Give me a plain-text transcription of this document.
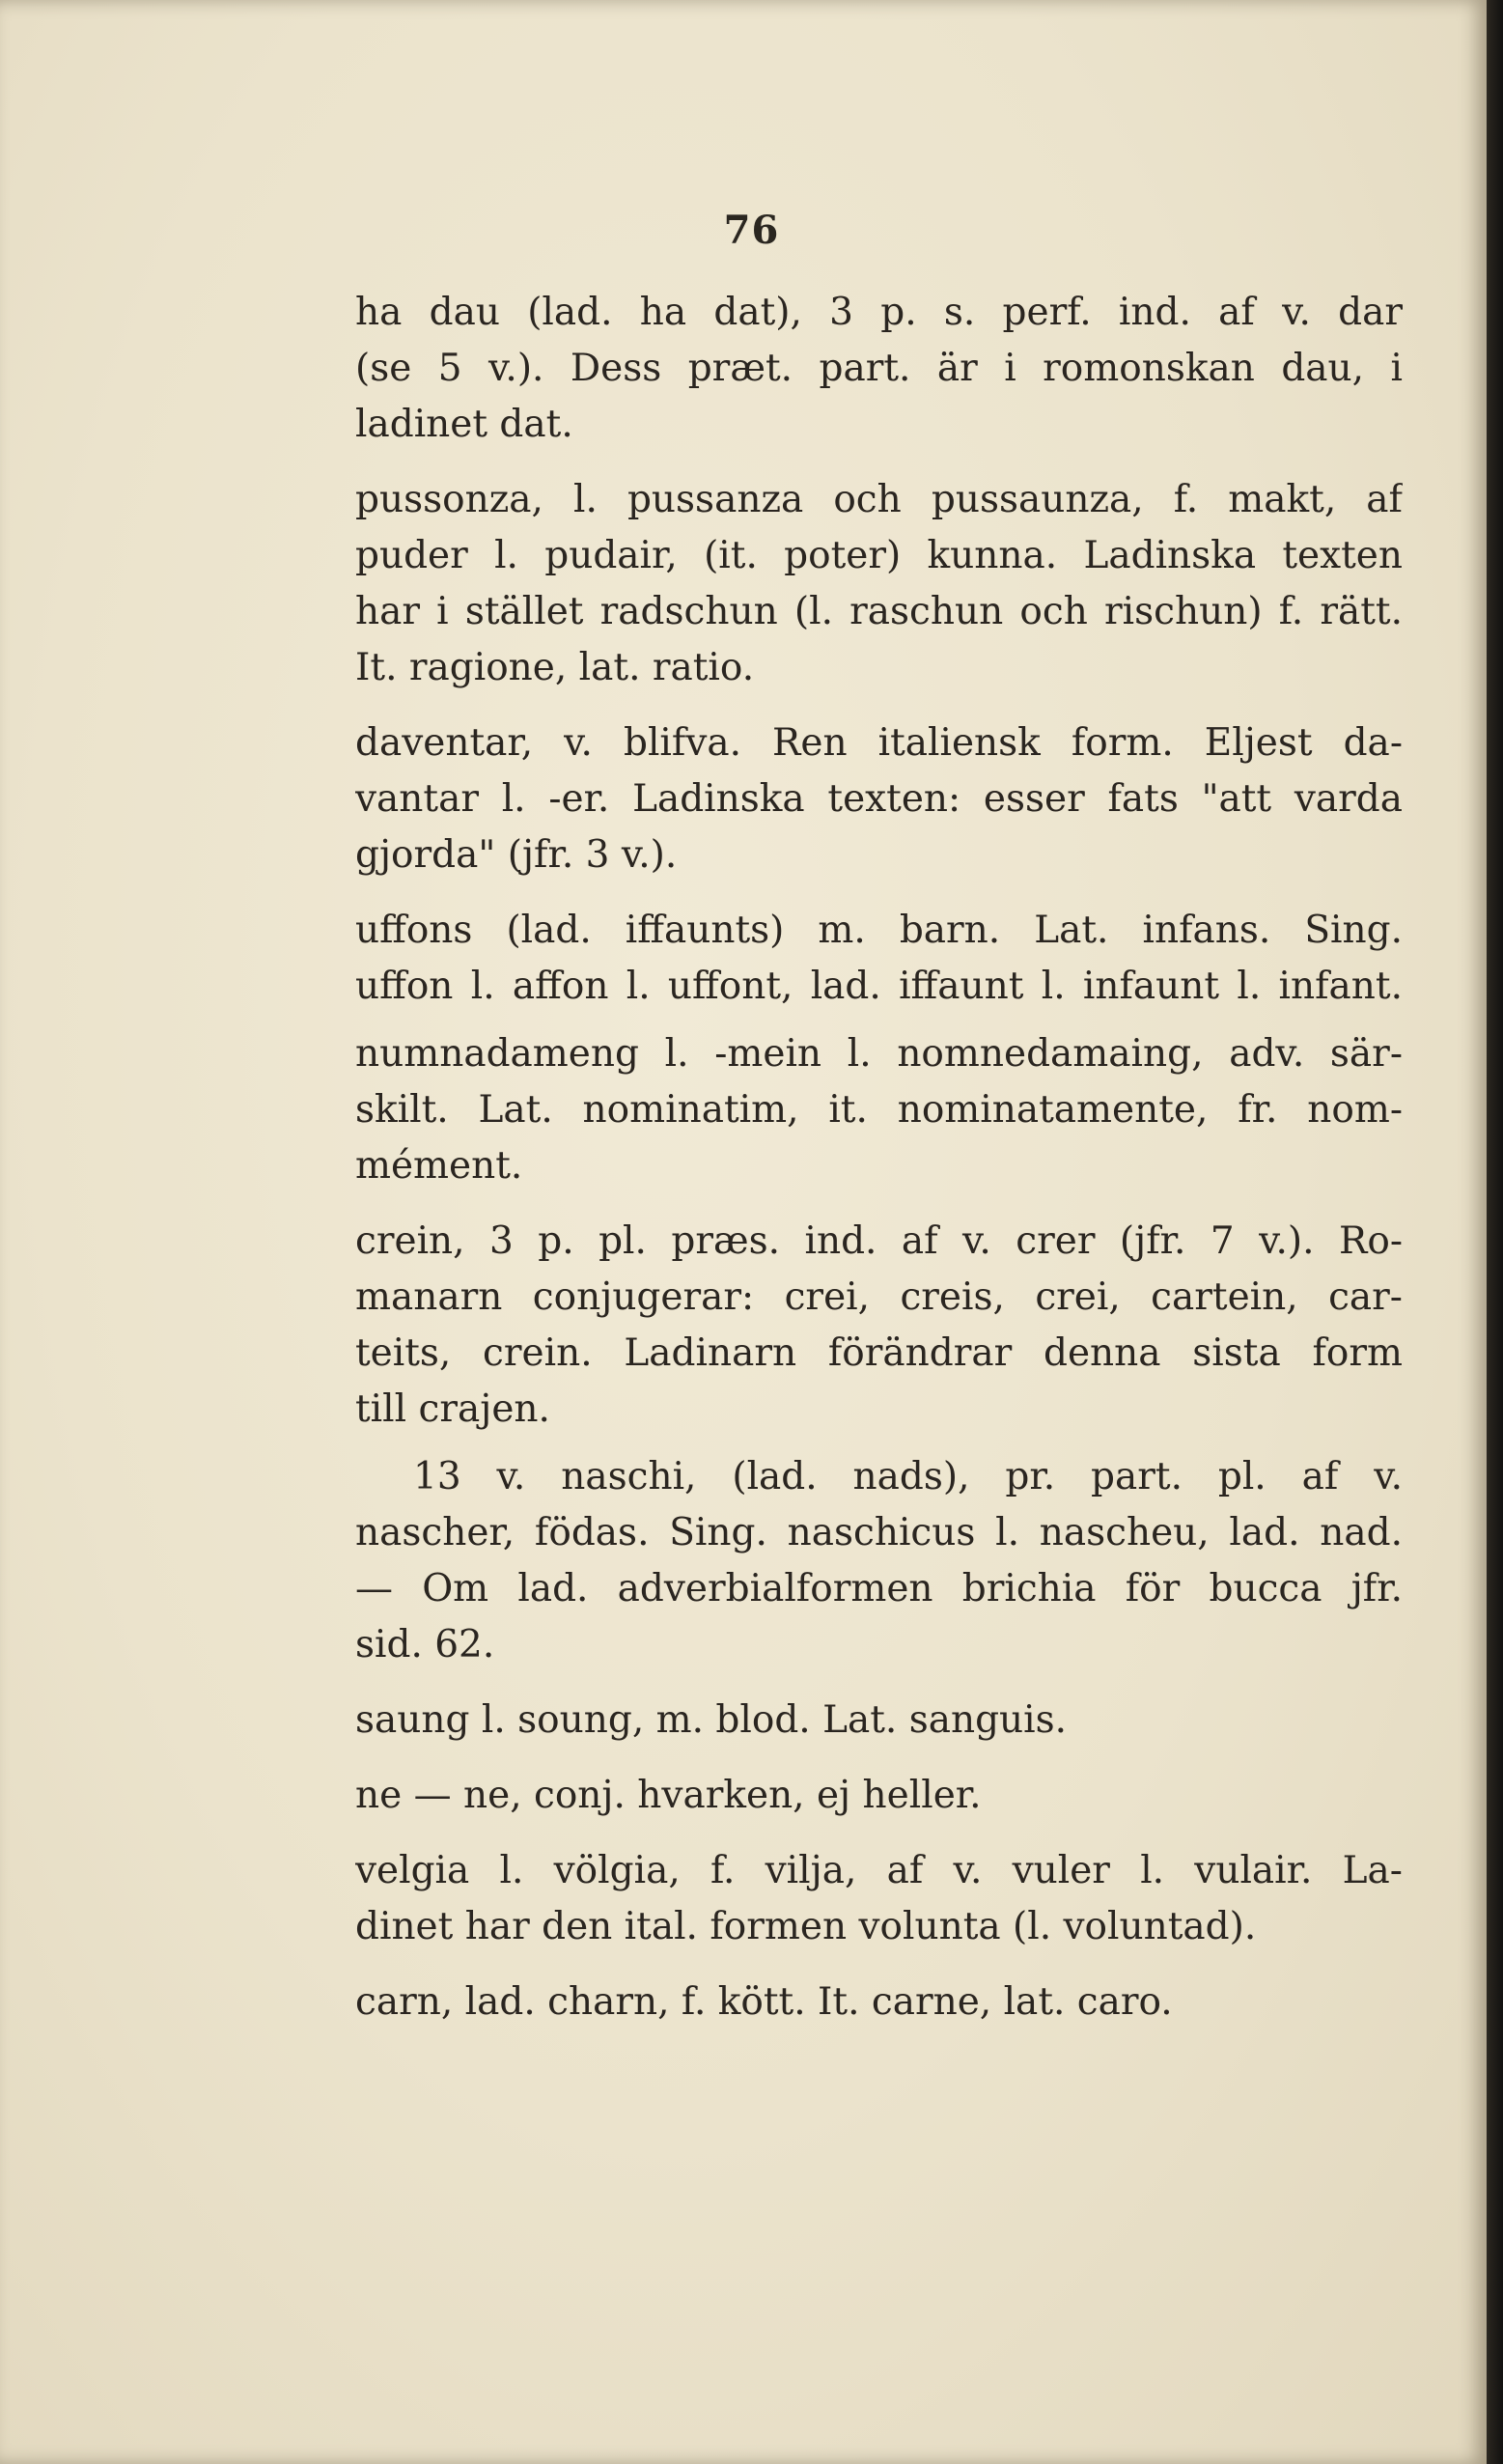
76
ha dau (lad. ha dat), 3 p. s. perf. ind. af v. dar
(se 5 v.). Dess præt. part. är i romonskan dau, i
ladinet dat.
pussonza, l. pussanza och pussaunza, f. makt, af
puder l. pudair, (it. poter) kunna. Ladinska texten
har i stället radschun (l. raschun och rischun) f. rätt.
It. ragione, lat. ratio.
daventar, v. blifva. Ren italiensk form. Eljest da-
vantar l. -er. Ladinska texten: esser fats "att varda
gjorda" (jfr. 3 v.).
uffons (lad. iffaunts) m. barn. Lat. infans. Sing.
uffon l. affon l. uffont, lad. iffaunt l. infaunt l. infant.
numnadameng l. -mein l. nomnedamaing, adv. sär-
skilt. Lat. nominatim, it. nominatamente, fr. nom-
mément.
crein, 3 p. pl. præs. ind. af v. crer (jfr. 7 v.). Ro-
manarn conjugerar: crei, creis, crei, cartein, car-
teits, crein. Ladinarn förändrar denna sista form
till crajen.
13 v. naschi, (lad. nads), pr. part. pl. af v.
nascher, födas. Sing. naschicus l. nascheu, lad. nad.
— Om lad. adverbialformen brichia för bucca jfr.
sid. 62.
saung l. soung, m. blod. Lat. sanguis.
ne — ne, conj. hvarken, ej heller.
velgia l. völgia, f. vilja, af v. vuler l. vulair. La-
dinet har den ital. formen volunta (l. voluntad).
carn, lad. charn, f. kött. It. carne, lat. caro.
